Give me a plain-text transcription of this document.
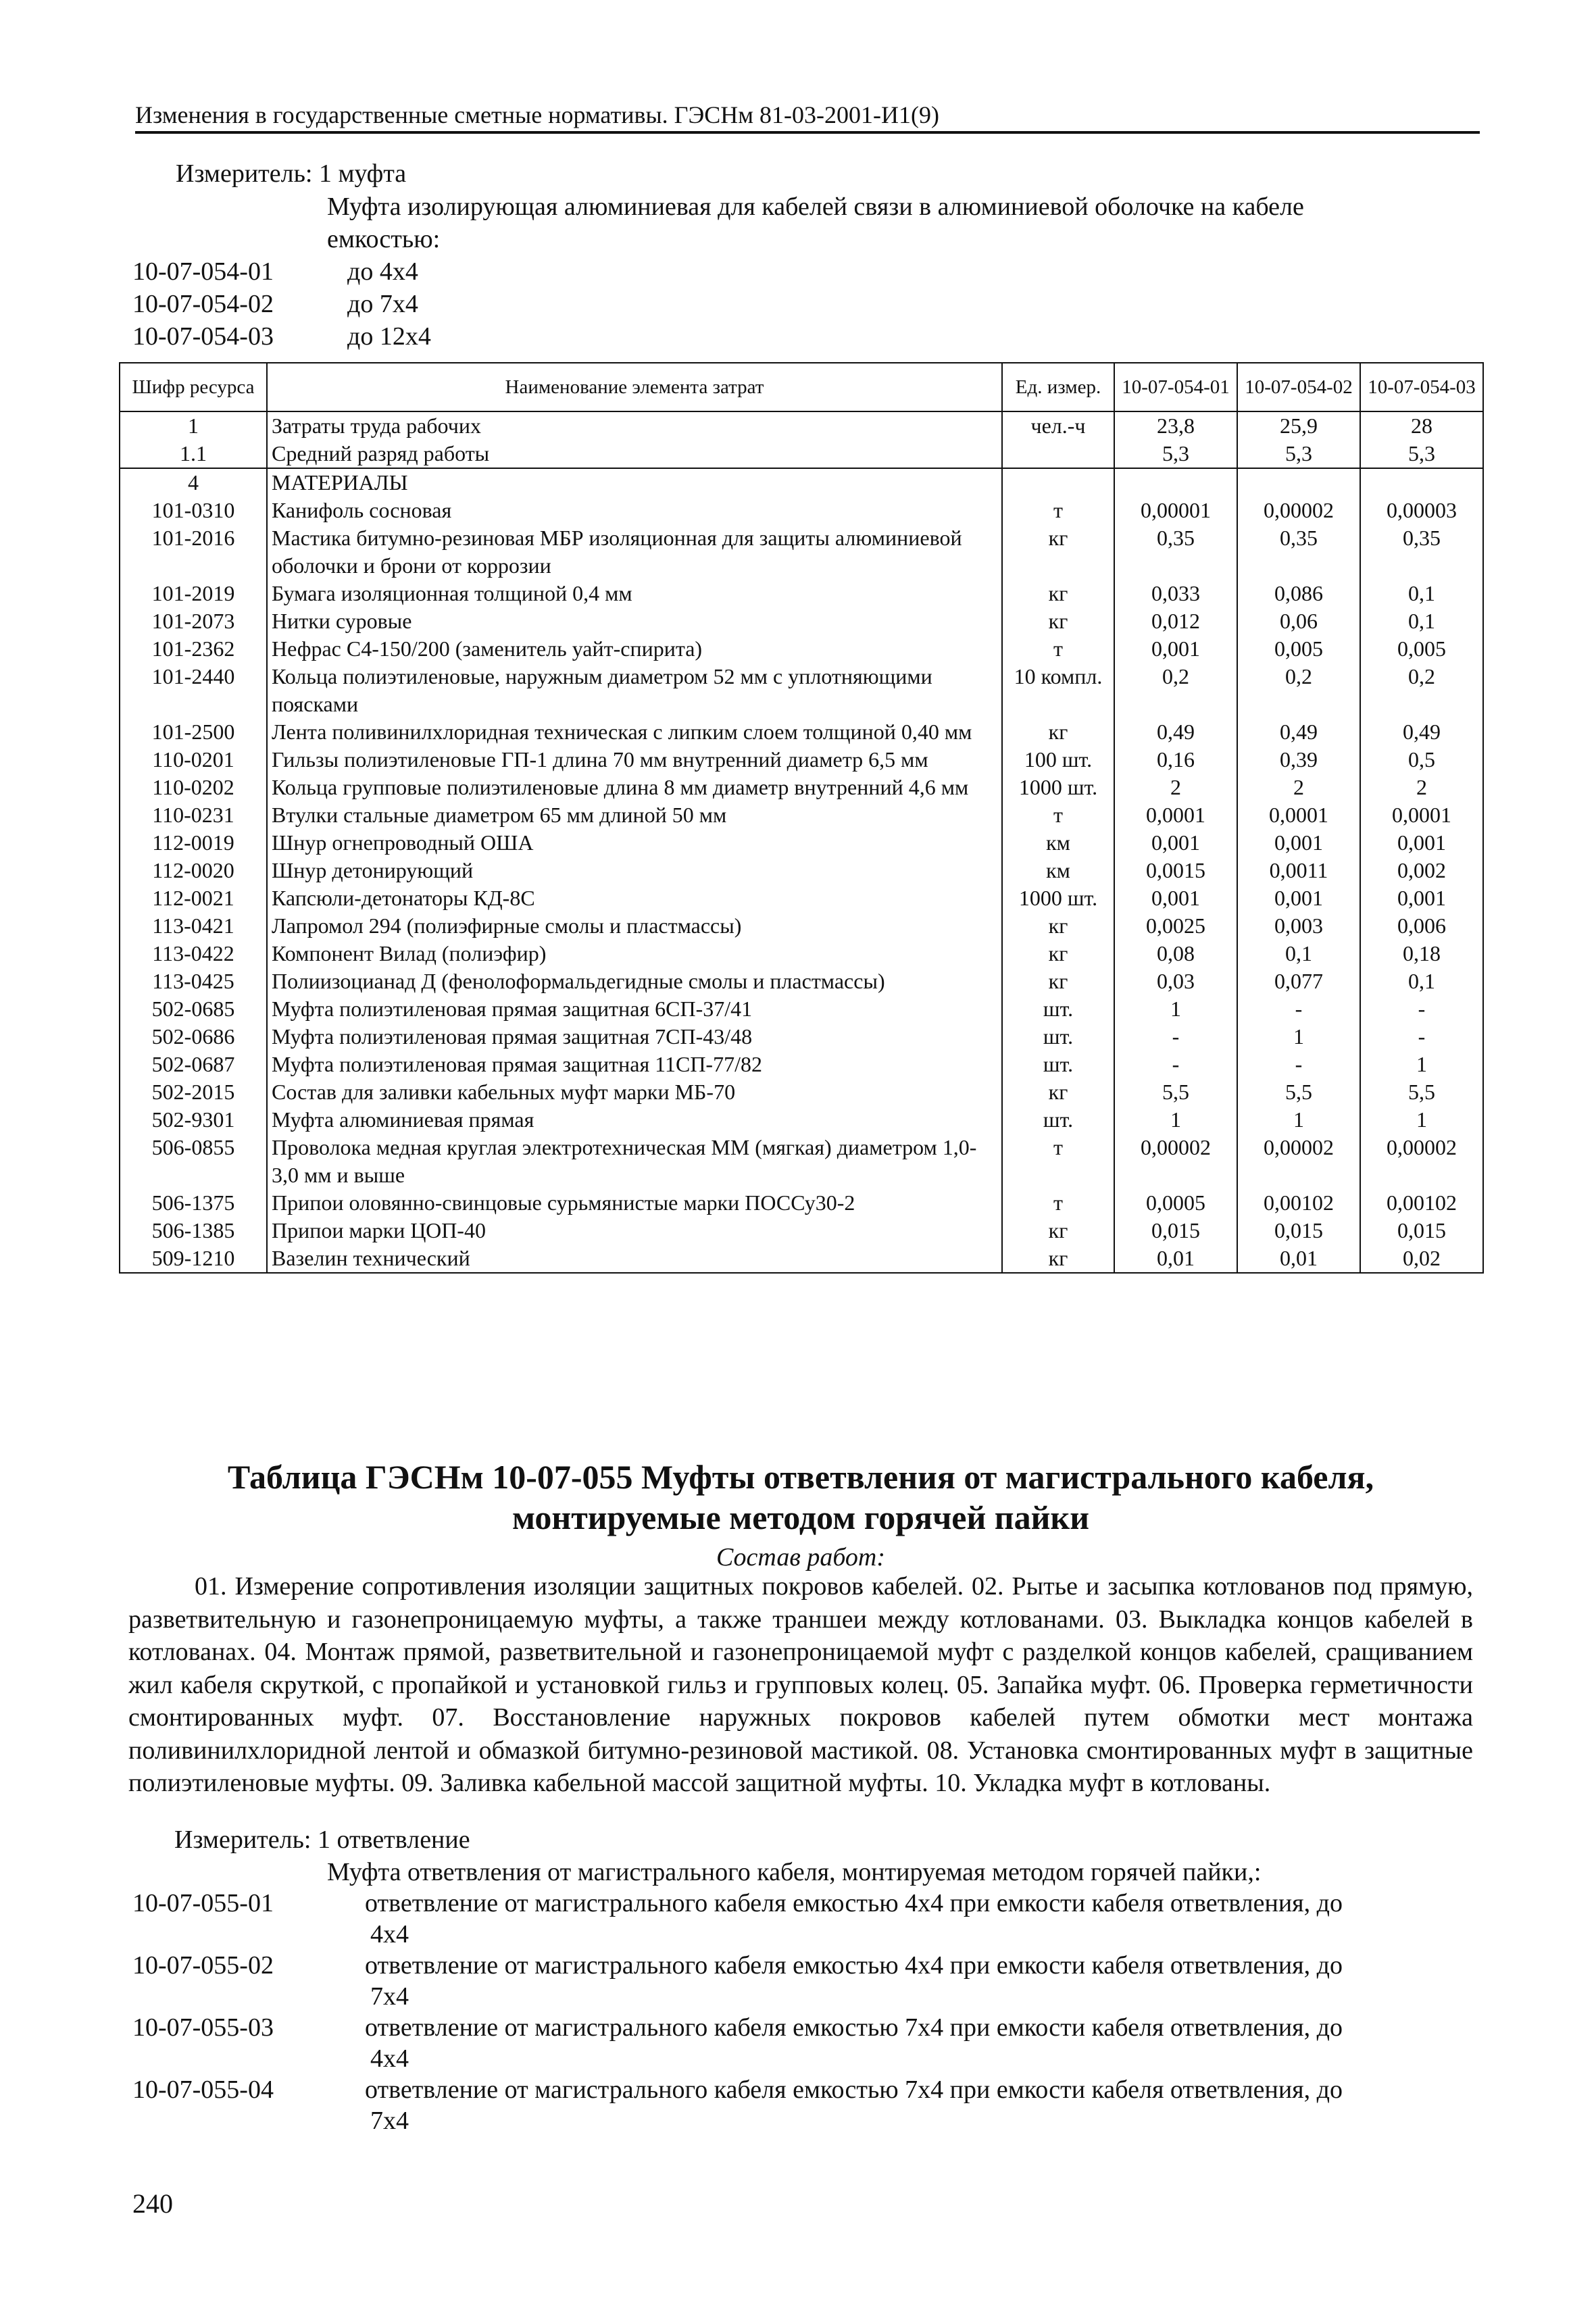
Изменения в государственные сметные нормативы. ГЭСНм 81-03-2001-И1(9)
Измеритель: 1 муфта
Муфта изолирующая алюминиевая для кабелей связи в алюминиевой оболочке на кабеле емкостью:
10-07-054-01	до 4x4
10-07-054-02	до 7x4
10-07-054-03	до 12x4
Шифр ресурса	Наименование элемента затрат	Ед. измер.	10-07-054-01	10-07-054-02	10-07-054-03
1	Затраты труда рабочих	чел.-ч	23,8	25,9	28
1.1	Средний разряд работы		5,3	5,3	5,3
4	МАТЕРИАЛЫ				
101-0310	Канифоль сосновая	т	0,00001	0,00002	0,00003
101-2016	Мастика битумно-резиновая МБР изоляционная для защиты алюминиевой оболочки и брони от коррозии	кг	0,35	0,35	0,35
101-2019	Бумага изоляционная толщиной 0,4 мм	кг	0,033	0,086	0,1
101-2073	Нитки суровые	кг	0,012	0,06	0,1
101-2362	Нефрас С4-150/200 (заменитель уайт-спирита)	т	0,001	0,005	0,005
101-2440	Кольца полиэтиленовые, наружным диаметром 52 мм с уплотняющими поясками	10 компл.	0,2	0,2	0,2
101-2500	Лента поливинилхлоридная техническая с липким слоем толщиной 0,40 мм	кг	0,49	0,49	0,49
110-0201	Гильзы полиэтиленовые ГП-1 длина 70 мм внутренний диаметр 6,5 мм	100 шт.	0,16	0,39	0,5
110-0202	Кольца групповые полиэтиленовые длина 8 мм диаметр внутренний 4,6 мм	1000 шт.	2	2	2
110-0231	Втулки стальные диаметром 65 мм длиной 50 мм	т	0,0001	0,0001	0,0001
112-0019	Шнур огнепроводный ОША	км	0,001	0,001	0,001
112-0020	Шнур детонирующий	км	0,0015	0,0011	0,002
112-0021	Капсюли-детонаторы КД-8С	1000 шт.	0,001	0,001	0,001
113-0421	Лапромол 294 (полиэфирные смолы и пластмассы)	кг	0,0025	0,003	0,006
113-0422	Компонент Вилад (полиэфир)	кг	0,08	0,1	0,18
113-0425	Полиизоцианад Д (фенолоформальдегидные смолы и пластмассы)	кг	0,03	0,077	0,1
502-0685	Муфта полиэтиленовая прямая защитная 6СП-37/41	шт.	1	-	-
502-0686	Муфта полиэтиленовая прямая защитная 7СП-43/48	шт.	-	1	-
502-0687	Муфта полиэтиленовая прямая защитная 11СП-77/82	шт.	-	-	1
502-2015	Состав для заливки кабельных муфт марки МБ-70	кг	5,5	5,5	5,5
502-9301	Муфта алюминиевая прямая	шт.	1	1	1
506-0855	Проволока медная круглая электротехническая ММ (мягкая) диаметром 1,0-3,0 мм и выше	т	0,00002	0,00002	0,00002
506-1375	Припои оловянно-свинцовые сурьмянистые марки ПОССу30-2	т	0,0005	0,00102	0,00102
506-1385	Припои марки ЦОП-40	кг	0,015	0,015	0,015
509-1210	Вазелин технический	кг	0,01	0,01	0,02
Таблица ГЭСНм 10-07-055 Муфты ответвления от магистрального кабеля,
монтируемые методом горячей пайки
Состав работ:
01. Измерение сопротивления изоляции защитных покровов кабелей. 02. Рытье и засыпка котлованов под прямую, разветвительную и газонепроницаемую муфты, а также траншеи между котлованами. 03. Выкладка концов кабелей в котлованах. 04. Монтаж прямой, разветвительной и газонепроницаемой муфт с разделкой концов кабелей, сращиванием жил кабеля скруткой, с пропайкой и установкой гильз и групповых колец. 05. Запайка муфт. 06. Проверка герметичности смонтированных муфт. 07. Восстановление наружных покровов кабелей путем обмотки мест монтажа поливинилхлоридной лентой и обмазкой битумно-резиновой мастикой. 08. Установка смонтированных муфт в защитные полиэтиленовые муфты. 09. Заливка кабельной массой защитной муфты. 10. Укладка муфт в котлованы.
Измеритель: 1 ответвление
Муфта ответвления от магистрального кабеля, монтируемая методом горячей пайки,:
10-07-055-01	ответвление от магистрального кабеля емкостью 4x4 при емкости кабеля ответвления, до
4x4
10-07-055-02	ответвление от магистрального кабеля емкостью 4x4 при емкости кабеля ответвления, до
7x4
10-07-055-03	ответвление от магистрального кабеля емкостью 7x4 при емкости кабеля ответвления, до
4x4
10-07-055-04	ответвление от магистрального кабеля емкостью 7x4 при емкости кабеля ответвления, до
7x4
240
